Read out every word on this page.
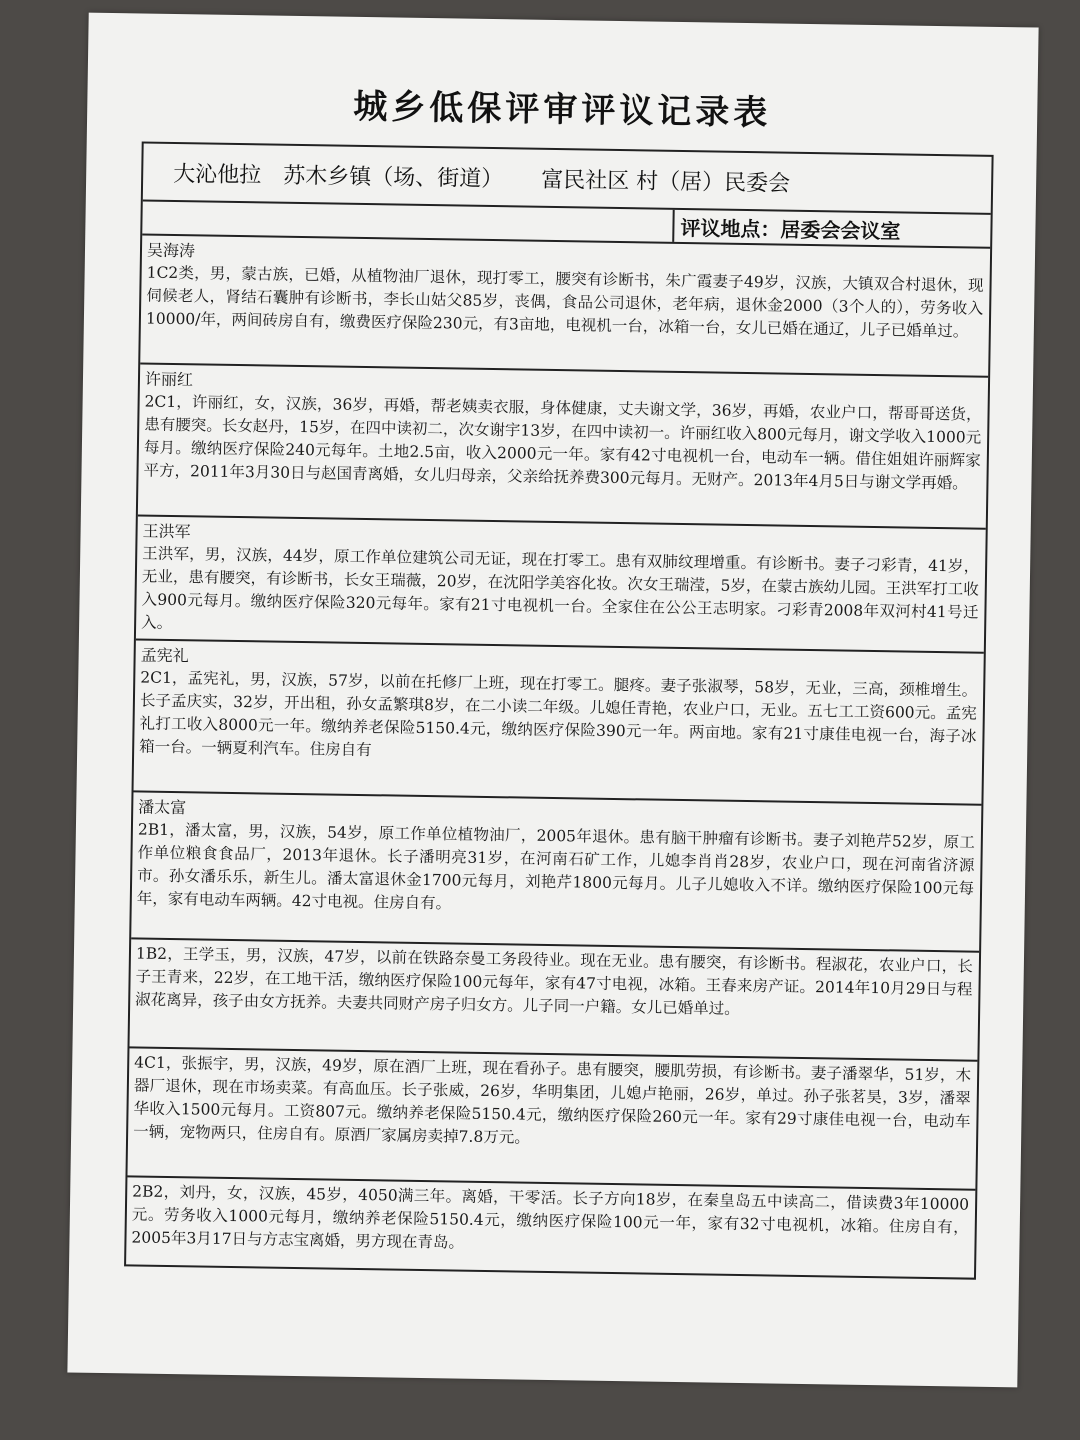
城乡低保评审评议记录表
大沁他拉　苏木乡镇（场、街道） 富民社区 村（居）民委会
评议地点：居委会会议室
吴海涛
1C2类，男，蒙古族，已婚，从植物油厂退休，现打零工，腰突有诊断书，朱广霞妻子49岁，汉族，大镇双合村退休，现伺候老人，肾结石囊肿有诊断书，李长山姑父85岁，丧偶，食品公司退休，老年病，退休金2000（3个人的），劳务收入10000/年，两间砖房自有，缴费医疗保险230元，有3亩地，电视机一台，冰箱一台，女儿已婚在通辽，儿子已婚单过。
许丽红
2C1，许丽红，女，汉族，36岁，再婚，帮老姨卖衣服，身体健康，丈夫谢文学，36岁，再婚，农业户口，帮哥哥送货，患有腰突。长女赵丹，15岁，在四中读初二，次女谢宇13岁，在四中读初一。许丽红收入800元每月，谢文学收入1000元每月。缴纳医疗保险240元每年。土地2.5亩，收入2000元一年。家有42寸电视机一台，电动车一辆。借住姐姐许丽辉家平方，2011年3月30日与赵国青离婚，女儿归母亲，父亲给抚养费300元每月。无财产。2013年4月5日与谢文学再婚。
王洪军
王洪军，男，汉族，44岁，原工作单位建筑公司无证，现在打零工。患有双肺纹理增重。有诊断书。妻子刁彩青，41岁，无业，患有腰突，有诊断书，长女王瑞薇，20岁，在沈阳学美容化妆。次女王瑞滢，5岁，在蒙古族幼儿园。王洪军打工收入900元每月。缴纳医疗保险320元每年。家有21寸电视机一台。全家住在公公王志明家。刁彩青2008年双河村41号迁入。
孟宪礼
2C1，孟宪礼，男，汉族，57岁，以前在托修厂上班，现在打零工。腿疼。妻子张淑琴，58岁，无业，三高，颈椎增生。长子孟庆实，32岁，开出租，孙女孟繁琪8岁，在二小读二年级。儿媳任青艳，农业户口，无业。五七工工资600元。孟宪礼打工收入8000元一年。缴纳养老保险5150.4元，缴纳医疗保险390元一年。两亩地。家有21寸康佳电视一台，海子冰箱一台。一辆夏利汽车。住房自有
潘太富
2B1，潘太富，男，汉族，54岁，原工作单位植物油厂，2005年退休。患有脑干肿瘤有诊断书。妻子刘艳芹52岁，原工作单位粮食食品厂，2013年退休。长子潘明亮31岁，在河南石矿工作，儿媳李肖肖28岁，农业户口，现在河南省济源市。孙女潘乐乐，新生儿。潘太富退休金1700元每月，刘艳芹1800元每月。儿子儿媳收入不详。缴纳医疗保险100元每年，家有电动车两辆。42寸电视。住房自有。
1B2，王学玉，男，汉族，47岁，以前在铁路奈曼工务段待业。现在无业。患有腰突，有诊断书。程淑花，农业户口，长子王青来，22岁，在工地干活，缴纳医疗保险100元每年，家有47寸电视，冰箱。王春来房产证。2014年10月29日与程淑花离异，孩子由女方抚养。夫妻共同财产房子归女方。儿子同一户籍。女儿已婚单过。
4C1，张振宇，男，汉族，49岁，原在酒厂上班，现在看孙子。患有腰突，腰肌劳损，有诊断书。妻子潘翠华，51岁，木器厂退休，现在市场卖菜。有高血压。长子张威，26岁，华明集团，儿媳卢艳丽，26岁，单过。孙子张茗昊，3岁，潘翠华收入1500元每月。工资807元。缴纳养老保险5150.4元，缴纳医疗保险260元一年。家有29寸康佳电视一台，电动车一辆，宠物两只，住房自有。原酒厂家属房卖掉7.8万元。
2B2，刘丹，女，汉族，45岁，4050满三年。离婚，干零活。长子方向18岁，在秦皇岛五中读高二，借读费3年10000元。劳务收入1000元每月，缴纳养老保险5150.4元，缴纳医疗保险100元一年，家有32寸电视机，冰箱。住房自有，2005年3月17日与方志宝离婚，男方现在青岛。
